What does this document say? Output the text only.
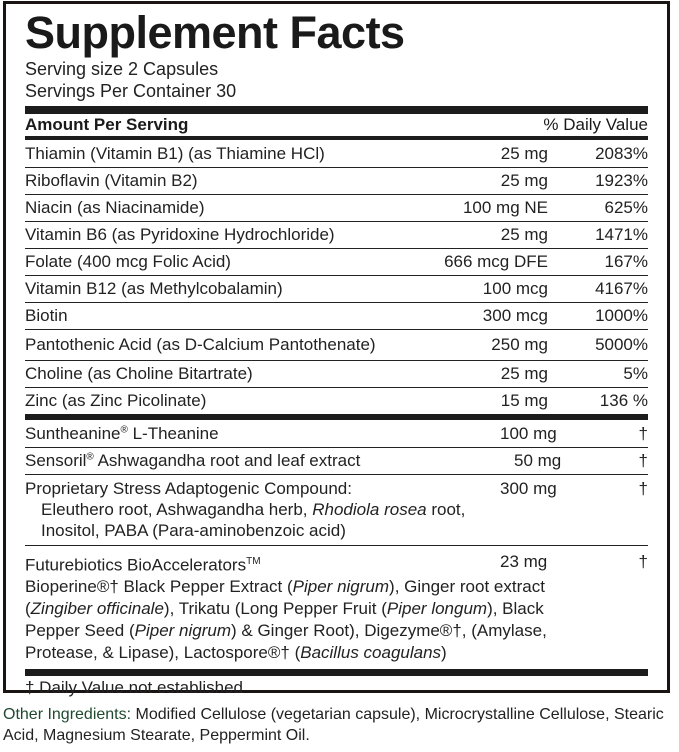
Supplement Facts
Serving size 2 Capsules
Servings Per Container 30
Amount Per Serving	% Daily Value
Thiamin (Vitamin B1) (as Thiamine HCl)	25 mg	2083%
Riboflavin (Vitamin B2)	25 mg	1923%
Niacin (as Niacinamide)	100 mg NE	625%
Vitamin B6 (as Pyridoxine Hydrochloride)	25 mg	1471%
Folate (400 mcg Folic Acid)	666 mcg DFE	167%
Vitamin B12 (as Methylcobalamin)	100 mcg	4167%
Biotin	300 mcg	1000%
Pantothenic Acid (as D-Calcium Pantothenate)	250 mg	5000%
Choline (as Choline Bitartrate)	25 mg	5%
Zinc (as Zinc Picolinate)	15 mg	136 %
Suntheanine® L-Theanine	100 mg	†
Sensoril® Ashwagandha root and leaf extract	50 mg	†
Proprietary Stress Adaptogenic Compound:	300 mg	†
Eleuthero root, Ashwagandha herb, Rhodiola rosea root,
Inositol, PABA (Para-aminobenzoic acid)
Futurebiotics BioAccelerators™	23 mg	†
Bioperine®† Black Pepper Extract (Piper nigrum), Ginger root extract
(Zingiber officinale), Trikatu (Long Pepper Fruit (Piper longum), Black
Pepper Seed (Piper nigrum) & Ginger Root), Digezyme®†, (Amylase,
Protease, & Lipase), Lactospore®† (Bacillus coagulans)
† Daily Value not established
Other Ingredients: Modified Cellulose (vegetarian capsule), Microcrystalline Cellulose, Stearic Acid, Magnesium Stearate, Peppermint Oil.
